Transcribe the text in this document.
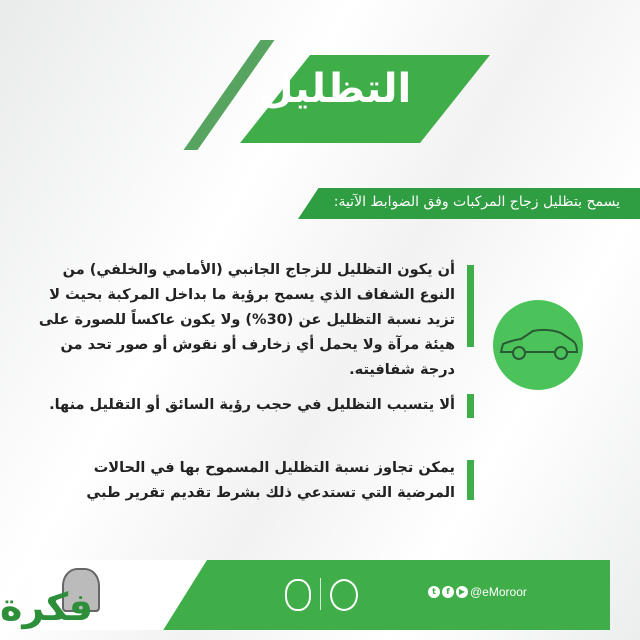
التظليل
يسمح بتظليل زجاج المركبات وفق الضوابط الآتية:
أن يكون التظليل للزجاج الجانبي (الأمامي والخلفي) من النوع الشفاف الذي يسمح برؤية ما بداخل المركبة بحيث لا تزيد نسبة التظليل عن (30%) ولا يكون عاكساً للصورة على هيئة مرآة ولا يحمل أي زخارف أو نقوش أو صور تحد من درجة شفافيته.
ألا يتسبب التظليل في حجب رؤية السائق أو التقليل منها.
يمكن تجاوز نسبة التظليل المسموح بها في الحالات المرضية التي تستدعي ذلك بشرط تقديم تقرير طبي
t	f	▶ @eMoroor
فكرة
